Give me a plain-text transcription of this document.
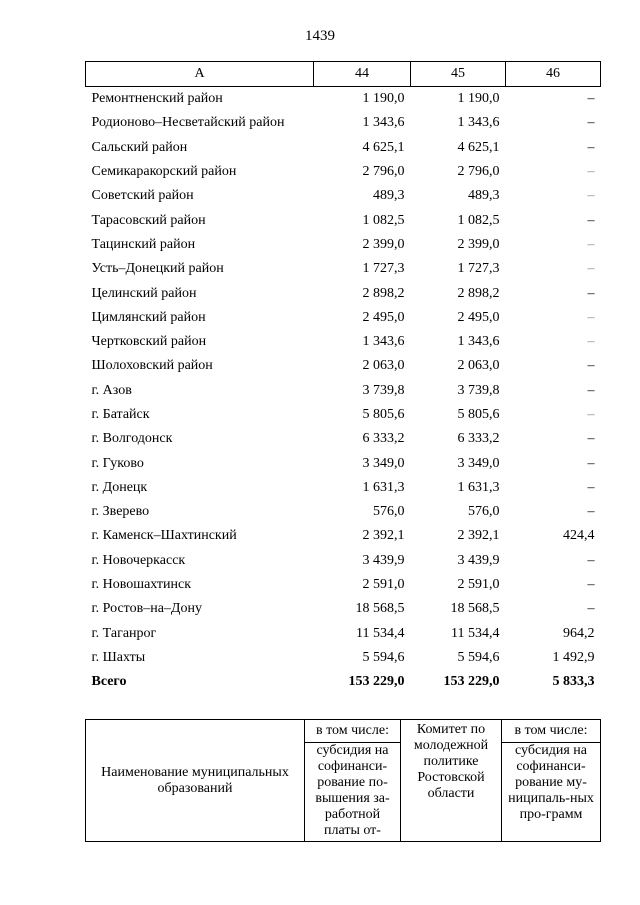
1439
А	44	45	46
Ремонтненский район	1 190,0	1 190,0	–
Родионово–Несветайский район	1 343,6	1 343,6	–
Сальский район	4 625,1	4 625,1	–
Семикаракорский район	2 796,0	2 796,0	–
Советский район	489,3	489,3	–
Тарасовский район	1 082,5	1 082,5	–
Тацинский район	2 399,0	2 399,0	–
Усть–Донецкий район	1 727,3	1 727,3	–
Целинский район	2 898,2	2 898,2	–
Цимлянский район	2 495,0	2 495,0	–
Чертковский район	1 343,6	1 343,6	–
Шолоховский район	2 063,0	2 063,0	–
г. Азов	3 739,8	3 739,8	–
г. Батайск	5 805,6	5 805,6	–
г. Волгодонск	6 333,2	6 333,2	–
г. Гуково	3 349,0	3 349,0	–
г. Донецк	1 631,3	1 631,3	–
г. Зверево	576,0	576,0	–
г. Каменск–Шахтинский	2 392,1	2 392,1	424,4
г. Новочеркасск	3 439,9	3 439,9	–
г. Новошахтинск	2 591,0	2 591,0	–
г. Ростов–на–Дону	18 568,5	18 568,5	–
г. Таганрог	11 534,4	11 534,4	964,2
г. Шахты	5 594,6	5 594,6	1 492,9
Всего	153 229,0	153 229,0	5 833,3
Наименование муниципальных образований	в том числе:	Комитет по молодежной политике Ростовской области	в том числе:
	субсидия на софинанси-рование по-вышения за-работной платы от-		субсидия на софинанси-рование му-ниципаль-ных про-грамм
